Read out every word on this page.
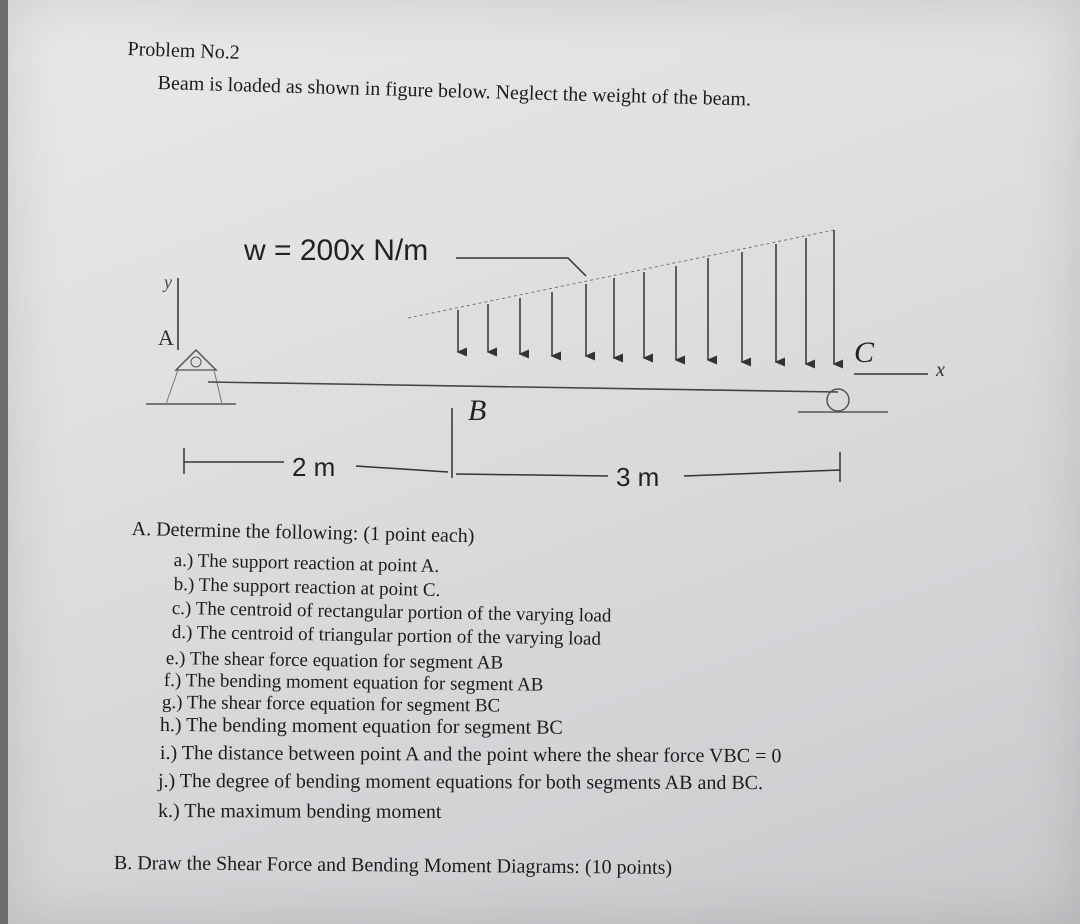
Problem No.2
Beam is loaded as shown in figure below. Neglect the weight of the beam.
w = 200x N/m
y
A	C
x
B
2 m	3 m
A. Determine the following: (1 point each)
a.) The support reaction at point A.
b.) The support reaction at point C.
c.) The centroid of rectangular portion of the varying load
d.) The centroid of triangular portion of the varying load
e.) The shear force equation for segment AB
f.) The bending moment equation for segment AB
g.) The shear force equation for segment BC
h.) The bending moment equation for segment BC
i.) The distance between point A and the point where the shear force VBC = 0
j.) The degree of bending moment equations for both segments AB and BC.
k.) The maximum bending moment
B. Draw the Shear Force and Bending Moment Diagrams: (10 points)
